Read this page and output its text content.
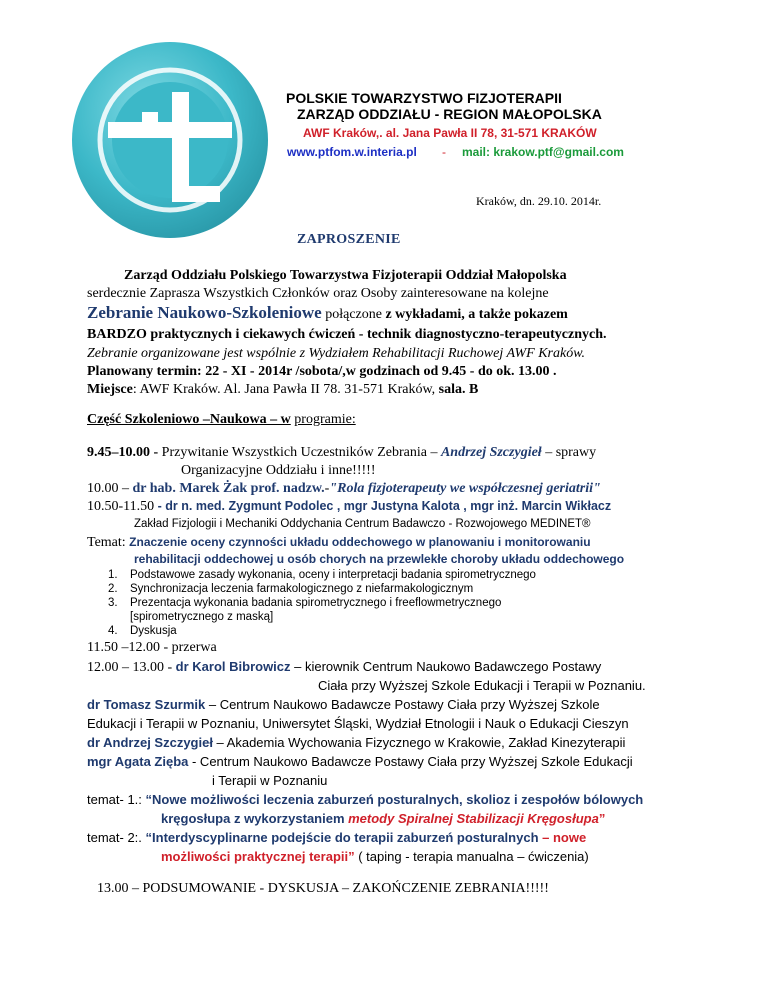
POLSKIE TOWARZYSTWO FIZJOTERAPII
ZARZĄD ODDZIAŁU - REGION MAŁOPOLSKA
AWF Kraków,. al. Jana Pawła II 78, 31-571 KRAKÓW
www.ptfom.w.interia.pl - mail: krakow.ptf@gmail.com
Kraków, dn. 29.10. 2014r.
ZAPROSZENIE
Zarząd Oddziału Polskiego Towarzystwa Fizjoterapii Oddział Małopolska
serdecznie Zaprasza Wszystkich Członków oraz Osoby zainteresowane na kolejne
Zebranie Naukowo-Szkoleniowe połączone z wykładami, a także pokazem
BARDZO praktycznych i ciekawych ćwiczeń - technik diagnostyczno-terapeutycznych.
Zebranie organizowane jest wspólnie z Wydziałem Rehabilitacji Ruchowej AWF Kraków.
Planowany termin: 22 - XI - 2014r /sobota/,w godzinach od 9.45 - do ok. 13.00 .
Miejsce: AWF Kraków. Al. Jana Pawła II 78. 31-571 Kraków, sala. B
Część Szkoleniowo –Naukowa – w programie:
9.45–10.00 - Przywitanie Wszystkich Uczestników Zebrania – Andrzej Szczygieł – sprawy
Organizacyjne Oddziału i inne!!!!!
10.00 – dr hab. Marek Żak prof. nadzw.-"Rola fizjoterapeuty we współczesnej geriatrii"
10.50-11.50 - dr n. med. Zygmunt Podolec , mgr Justyna Kalota , mgr inż. Marcin Wikłacz
Zakład Fizjologii i Mechaniki Oddychania Centrum Badawczo - Rozwojowego MEDINET®
Temat: Znaczenie oceny czynności układu oddechowego w planowaniu i monitorowaniu
rehabilitacji oddechowej u osób chorych na przewlekłe choroby układu oddechowego
1. Podstawowe zasady wykonania, oceny i interpretacji badania spirometrycznego
2. Synchronizacja leczenia farmakologicznego z niefarmakologicznym
3. Prezentacja wykonania badania spirometrycznego i freeflowmetrycznego
[spirometrycznego z maską]
4. Dyskusja
11.50 –12.00 - przerwa
12.00 – 13.00 - dr Karol Bibrowicz – kierownik Centrum Naukowo Badawczego Postawy
Ciała przy Wyższej Szkole Edukacji i Terapii w Poznaniu.
dr Tomasz Szurmik – Centrum Naukowo Badawcze Postawy Ciała przy Wyższej Szkole
Edukacji i Terapii w Poznaniu, Uniwersytet Śląski, Wydział Etnologii i Nauk o Edukacji Cieszyn
dr Andrzej Szczygieł – Akademia Wychowania Fizycznego w Krakowie, Zakład Kinezyterapii
mgr Agata Zięba - Centrum Naukowo Badawcze Postawy Ciała przy Wyższej Szkole Edukacji
i Terapii w Poznaniu
temat- 1.: “Nowe możliwości leczenia zaburzeń posturalnych, skolioz i zespołów bólowych
kręgosłupa z wykorzystaniem metody Spiralnej Stabilizacji Kręgosłupa”
temat- 2:. “Interdyscyplinarne podejście do terapii zaburzeń posturalnych – nowe
możliwości praktycznej terapii” ( taping - terapia manualna – ćwiczenia)
13.00 – PODSUMOWANIE - DYSKUSJA – ZAKOŃCZENIE ZEBRANIA!!!!!
